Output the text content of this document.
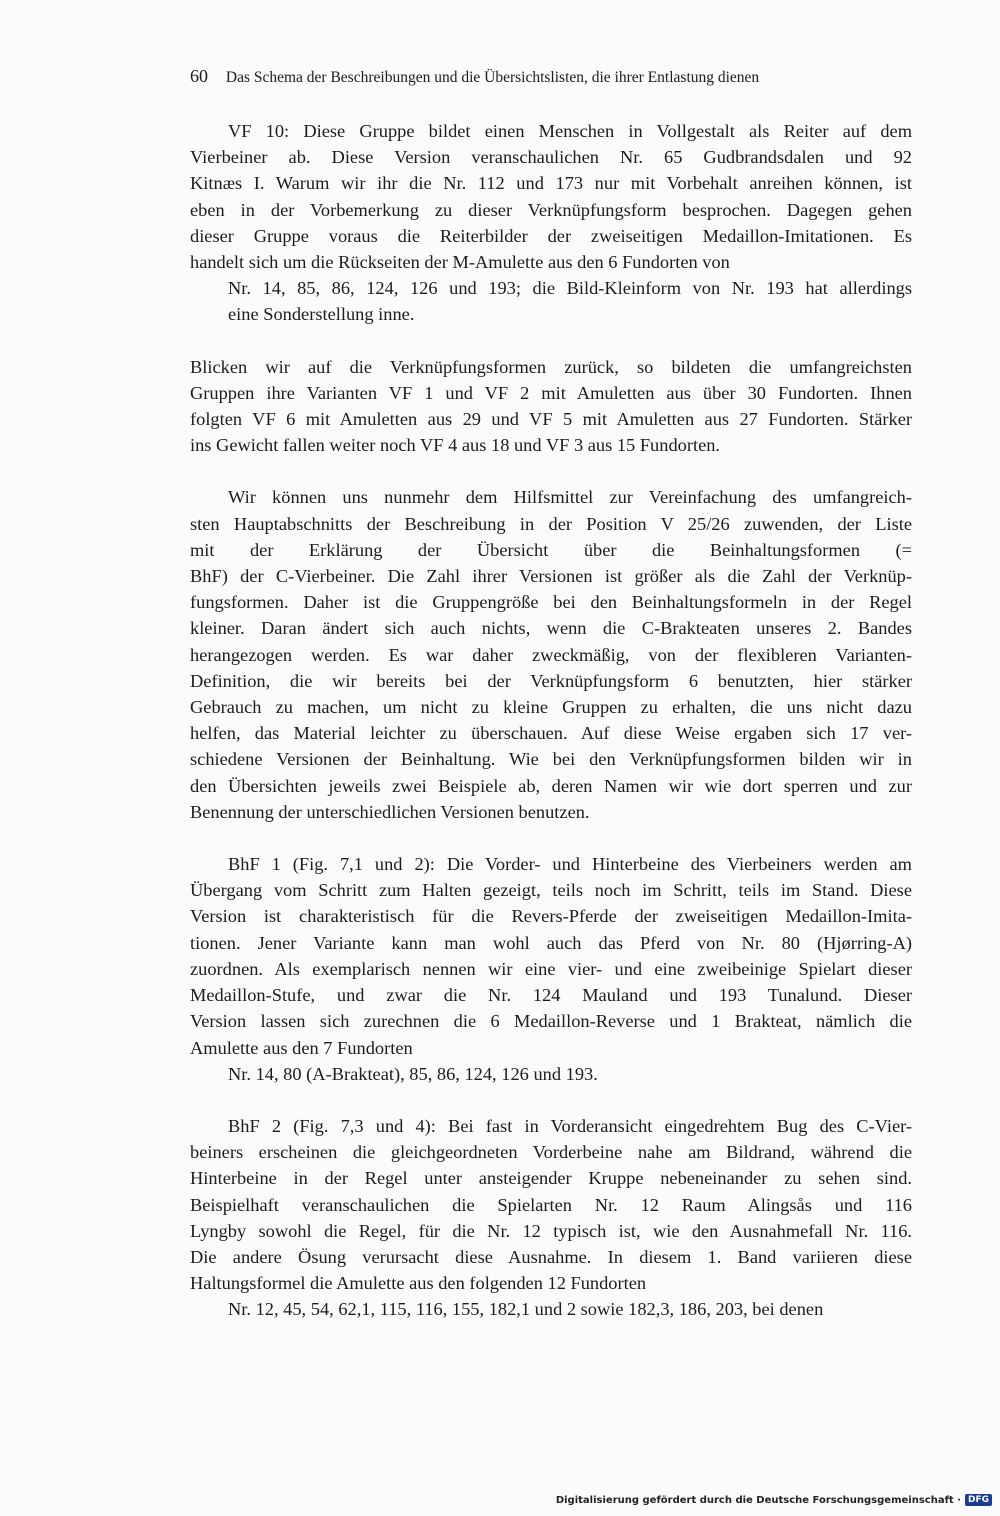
60 Das Schema der Beschreibungen und die Übersichtslisten, die ihrer Entlastung dienen
VF 10: Diese Gruppe bildet einen Menschen in Vollgestalt als Reiter auf dem
Vierbeiner ab. Diese Version veranschaulichen Nr. 65 Gudbrandsdalen und 92
Kitnæs I. Warum wir ihr die Nr. 112 und 173 nur mit Vorbehalt anreihen können, ist
eben in der Vorbemerkung zu dieser Verknüpfungsform besprochen. Dagegen gehen
dieser Gruppe voraus die Reiterbilder der zweiseitigen Medaillon-Imitationen. Es
handelt sich um die Rückseiten der M-Amulette aus den 6 Fundorten von
Nr. 14, 85, 86, 124, 126 und 193; die Bild-Kleinform von Nr. 193 hat allerdings
eine Sonderstellung inne.
Blicken wir auf die Verknüpfungsformen zurück, so bildeten die umfangreichsten
Gruppen ihre Varianten VF 1 und VF 2 mit Amuletten aus über 30 Fundorten. Ihnen
folgten VF 6 mit Amuletten aus 29 und VF 5 mit Amuletten aus 27 Fundorten. Stärker
ins Gewicht fallen weiter noch VF 4 aus 18 und VF 3 aus 15 Fundorten.
Wir können uns nunmehr dem Hilfsmittel zur Vereinfachung des umfangreich-
sten Hauptabschnitts der Beschreibung in der Position V 25/26 zuwenden, der Liste
mit der Erklärung der Übersicht über die Beinhaltungsformen (=
BhF) der C-Vierbeiner. Die Zahl ihrer Versionen ist größer als die Zahl der Verknüp-
fungsformen. Daher ist die Gruppengröße bei den Beinhaltungsformeln in der Regel
kleiner. Daran ändert sich auch nichts, wenn die C-Brakteaten unseres 2. Bandes
herangezogen werden. Es war daher zweckmäßig, von der flexibleren Varianten-
Definition, die wir bereits bei der Verknüpfungsform 6 benutzten, hier stärker
Gebrauch zu machen, um nicht zu kleine Gruppen zu erhalten, die uns nicht dazu
helfen, das Material leichter zu überschauen. Auf diese Weise ergaben sich 17 ver-
schiedene Versionen der Beinhaltung. Wie bei den Verknüpfungsformen bilden wir in
den Übersichten jeweils zwei Beispiele ab, deren Namen wir wie dort sperren und zur
Benennung der unterschiedlichen Versionen benutzen.
BhF 1 (Fig. 7,1 und 2): Die Vorder- und Hinterbeine des Vierbeiners werden am
Übergang vom Schritt zum Halten gezeigt, teils noch im Schritt, teils im Stand. Diese
Version ist charakteristisch für die Revers-Pferde der zweiseitigen Medaillon-Imita-
tionen. Jener Variante kann man wohl auch das Pferd von Nr. 80 (Hjørring-A)
zuordnen. Als exemplarisch nennen wir eine vier- und eine zweibeinige Spielart dieser
Medaillon-Stufe, und zwar die Nr. 124 Mauland und 193 Tunalund. Dieser
Version lassen sich zurechnen die 6 Medaillon-Reverse und 1 Brakteat, nämlich die
Amulette aus den 7 Fundorten
Nr. 14, 80 (A-Brakteat), 85, 86, 124, 126 und 193.
BhF 2 (Fig. 7,3 und 4): Bei fast in Vorderansicht eingedrehtem Bug des C-Vier-
beiners erscheinen die gleichgeordneten Vorderbeine nahe am Bildrand, während die
Hinterbeine in der Regel unter ansteigender Kruppe nebeneinander zu sehen sind.
Beispielhaft veranschaulichen die Spielarten Nr. 12 Raum Alingsås und 116
Lyngby sowohl die Regel, für die Nr. 12 typisch ist, wie den Ausnahmefall Nr. 116.
Die andere Ösung verursacht diese Ausnahme. In diesem 1. Band variieren diese
Haltungsformel die Amulette aus den folgenden 12 Fundorten
Nr. 12, 45, 54, 62,1, 115, 116, 155, 182,1 und 2 sowie 182,3, 186, 203, bei denen
Digitalisierung gefördert durch die Deutsche Forschungsgemeinschaft · DFG
